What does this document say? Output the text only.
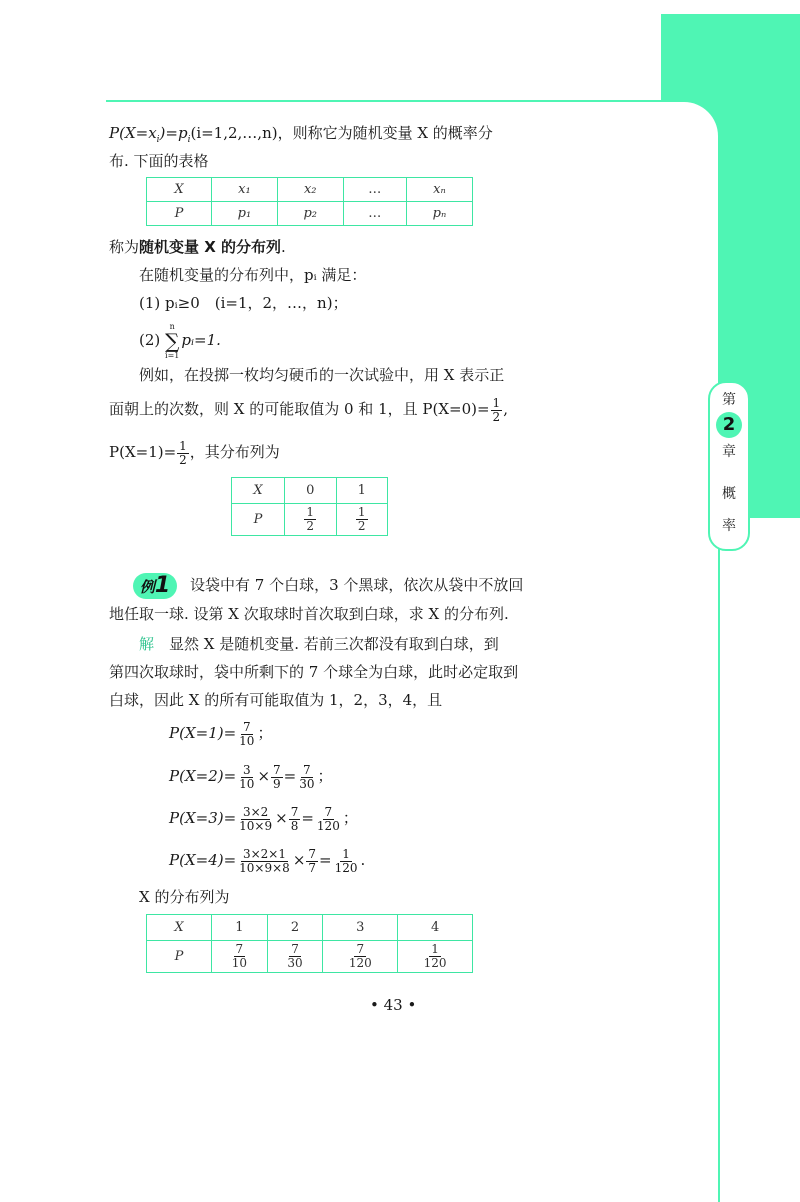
第
2
章
概
率
$P(X=x_i)=p_i(i=1,2,\dots,n)$，则称它为随机变量 X 的概率分
布. 下面的表格
X	x₁	x₂	…	xₙ
P	p₁	p₂	…	pₙ
称为随机变量 X 的分布列.
在随机变量的分布列中，pᵢ 满足：
(1) pᵢ≥0　(i=1，2，…，n)；
(2)
n
∑
i=1
pᵢ=1.
例如，在投掷一枚均匀硬币的一次试验中，用 X 表示正
面朝上的次数，则 X 的可能取值为 0 和 1，且 $P(X=0)= \frac{1}{2}$ ,
$P(X=1)= \frac{1}{2}$ ，其分布列为
X	0	1
P	$\frac{1}{2}$	$\frac{1}{2}$
例1	设袋中有 7 个白球，3 个黑球，依次从袋中不放回
地任取一球. 设第 X 次取球时首次取到白球，求 X 的分布列.
解　 显然 X 是随机变量. 若前三次都没有取到白球，到
第四次取球时，袋中所剩下的 7 个球全为白球，此时必定取到
白球，因此 X 的所有可能取值为 1，2，3，4，且
$P(X=1)= \frac{7}{10}$ ；
$P(X=2)= \frac{3}{10} \times \frac{7}{9} = \frac{7}{30}$ ；
$P(X=3)= \frac{3\times 2}{10\times 9} \times \frac{7}{8} = \frac{7}{120}$ ；
$P(X=4)= \frac{3\times 2\times 1}{10\times 9\times 8} \times \frac{7}{7} = \frac{1}{120}$ .
X 的分布列为
X	1	2	3	4
P	$\frac{7}{10}$	$\frac{7}{30}$	$\frac{7}{120}$	$\frac{1}{120}$
• 43 •
